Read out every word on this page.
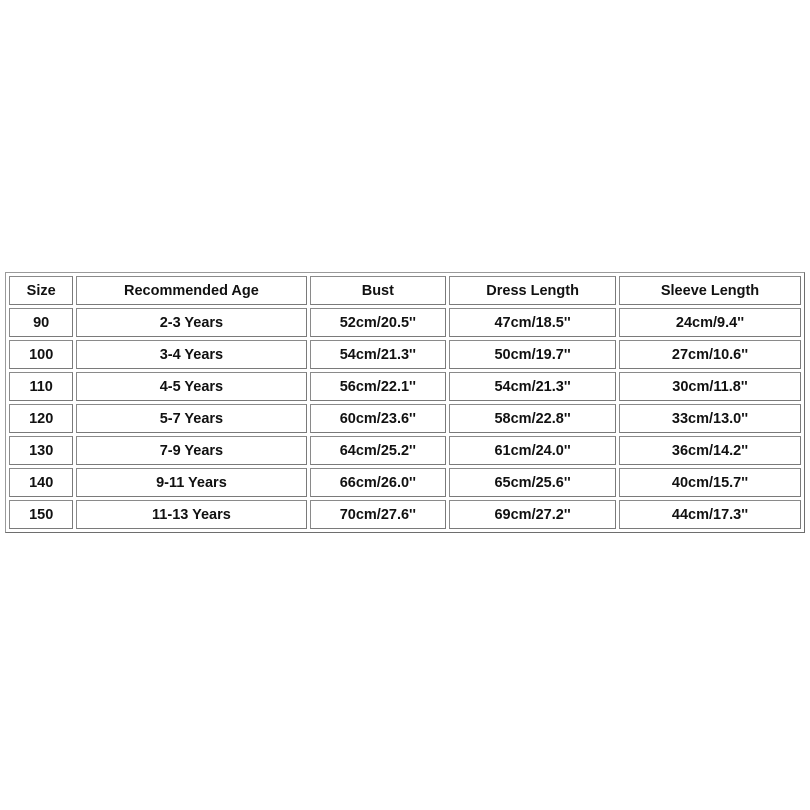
Size	Recommended Age	Bust	Dress Length	Sleeve Length
90	2-3 Years	52cm/20.5''	47cm/18.5''	24cm/9.4''
100	3-4 Years	54cm/21.3''	50cm/19.7''	27cm/10.6''
110	4-5 Years	56cm/22.1''	54cm/21.3''	30cm/11.8''
120	5-7 Years	60cm/23.6''	58cm/22.8''	33cm/13.0''
130	7-9 Years	64cm/25.2''	61cm/24.0''	36cm/14.2''
140	9-11 Years	66cm/26.0''	65cm/25.6''	40cm/15.7''
150	11-13 Years	70cm/27.6''	69cm/27.2''	44cm/17.3''
